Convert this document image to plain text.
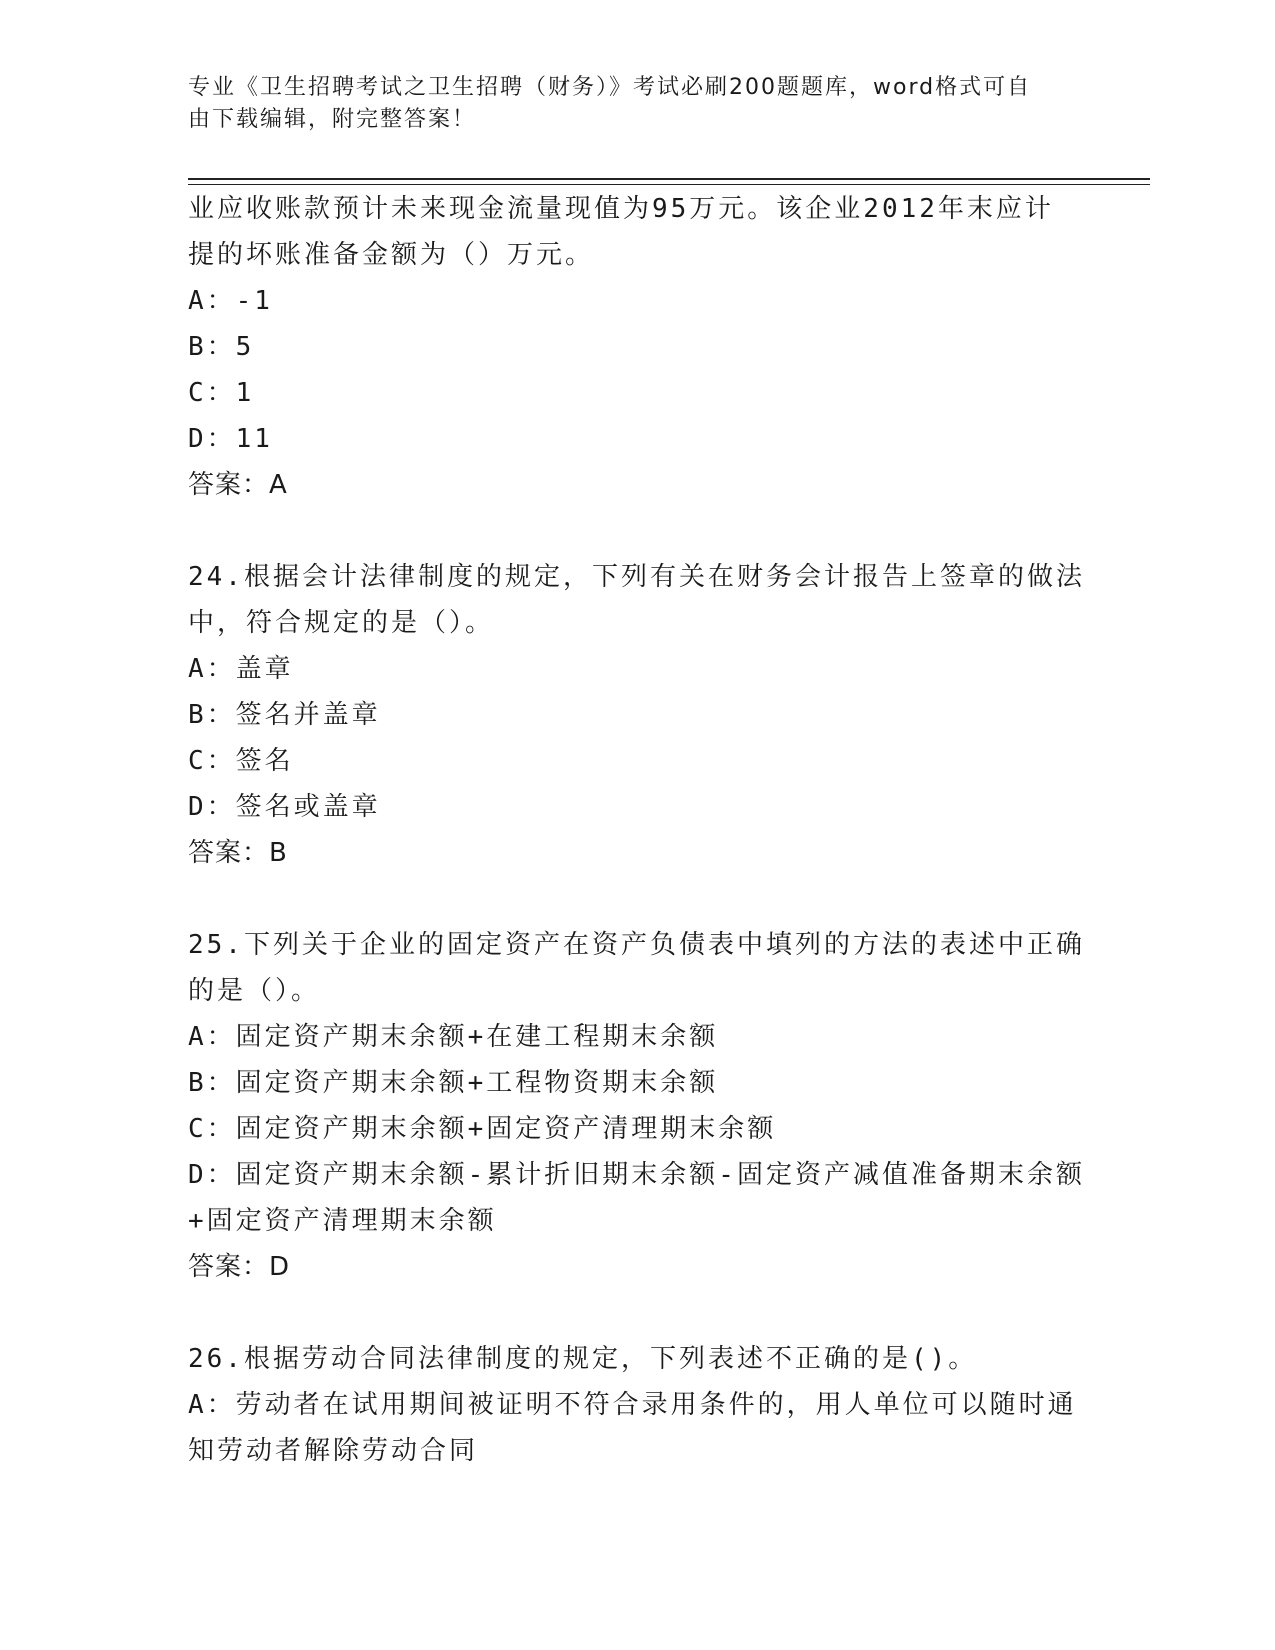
专业《卫生招聘考试之卫生招聘（财务）》考试必刷200题题库，word格式可自
由下载编辑，附完整答案！
业应收账款预计未来现金流量现值为95万元。该企业2012年末应计
提的坏账准备金额为（）万元。
A：-1
B：5
C：1
D：11
答案：A
24.根据会计法律制度的规定，下列有关在财务会计报告上签章的做法
中，符合规定的是（）。
A：盖章
B：签名并盖章
C：签名
D：签名或盖章
答案：B
25.下列关于企业的固定资产在资产负债表中填列的方法的表述中正确
的是（）。
A：固定资产期末余额+在建工程期末余额
B：固定资产期末余额+工程物资期末余额
C：固定资产期末余额+固定资产清理期末余额
D：固定资产期末余额-累计折旧期末余额-固定资产减值准备期末余额
+固定资产清理期末余额
答案：D
26.根据劳动合同法律制度的规定，下列表述不正确的是()。
A：劳动者在试用期间被证明不符合录用条件的，用人单位可以随时通
知劳动者解除劳动合同
